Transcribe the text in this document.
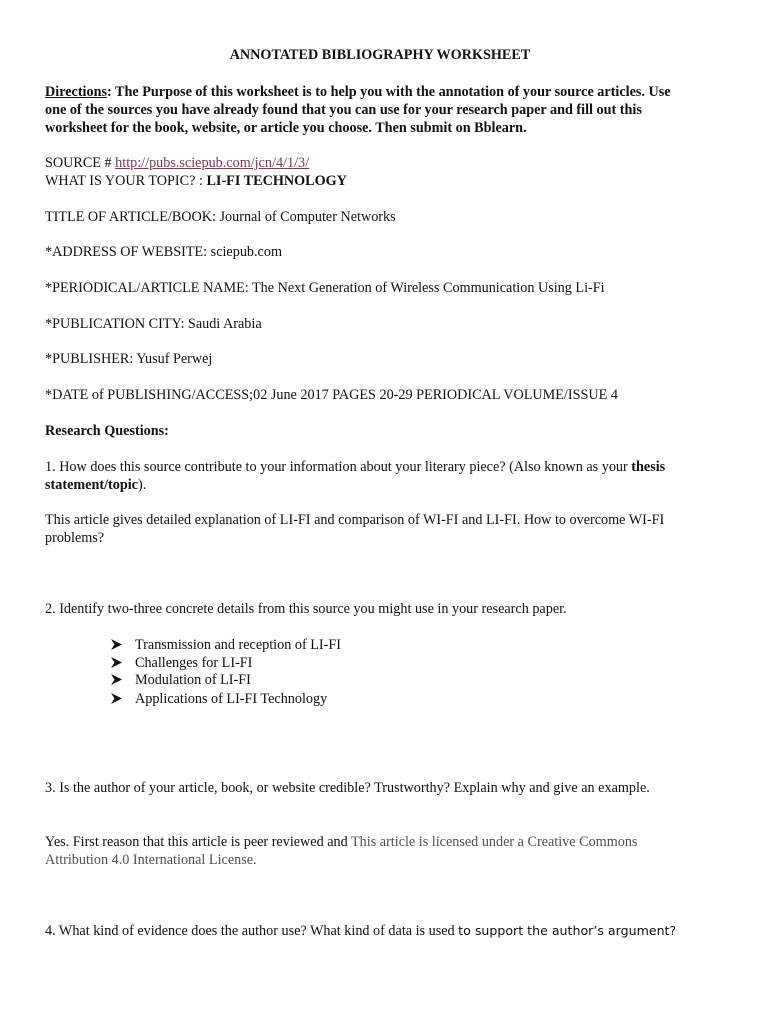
ANNOTATED BIBLIOGRAPHY WORKSHEET
Directions: The Purpose of this worksheet is to help you with the annotation of your source articles. Use
one of the sources you have already found that you can use for your research paper and fill out this
worksheet for the book, website, or article you choose. Then submit on Bblearn.
SOURCE # http://pubs.sciepub.com/jcn/4/1/3/
WHAT IS YOUR TOPIC? : LI-FI TECHNOLOGY
TITLE OF ARTICLE/BOOK: Journal of Computer Networks
*ADDRESS OF WEBSITE: sciepub.com
*PERIODICAL/ARTICLE NAME: The Next Generation of Wireless Communication Using Li-Fi
*PUBLICATION CITY: Saudi Arabia
*PUBLISHER: Yusuf Perwej
*DATE of PUBLISHING/ACCESS;02 June 2017 PAGES 20-29 PERIODICAL VOLUME/ISSUE 4
Research Questions:
1. How does this source contribute to your information about your literary piece? (Also known as your thesis
statement/topic).
This article gives detailed explanation of LI-FI and comparison of WI-FI and LI-FI. How to overcome WI-FI
problems?
2. Identify two-three concrete details from this source you might use in your research paper.
Transmission and reception of LI-FI
Challenges for LI-FI
Modulation of LI-FI
Applications of LI-FI Technology
3. Is the author of your article, book, or website credible? Trustworthy? Explain why and give an example.
Yes. First reason that this article is peer reviewed and This article is licensed under a Creative Commons
Attribution 4.0 International License.
4. What kind of evidence does the author use? What kind of data is used to support the author’s argument?
